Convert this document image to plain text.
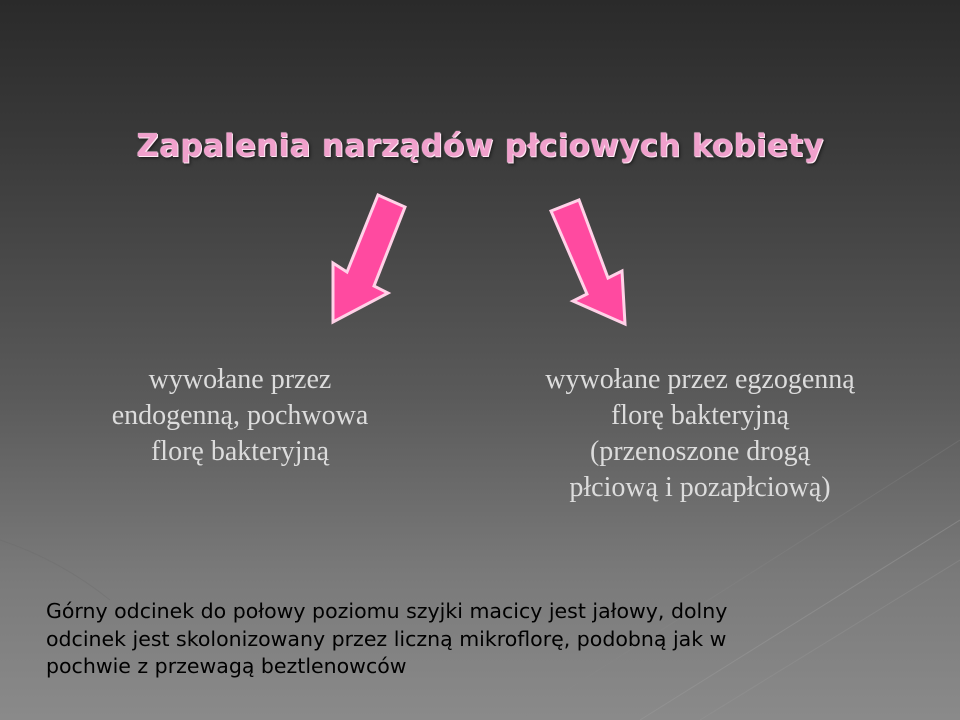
Zapalenia narządów płciowych kobiety
wywołane przez
endogenną, pochwowa
florę bakteryjną
wywołane przez egzogenną
florę bakteryjną
(przenoszone drogą
płciową i pozapłciową)
Górny odcinek do połowy poziomu szyjki macicy jest jałowy, dolny
odcinek jest skolonizowany przez liczną mikroflorę, podobną jak w
pochwie z przewagą beztlenowców
